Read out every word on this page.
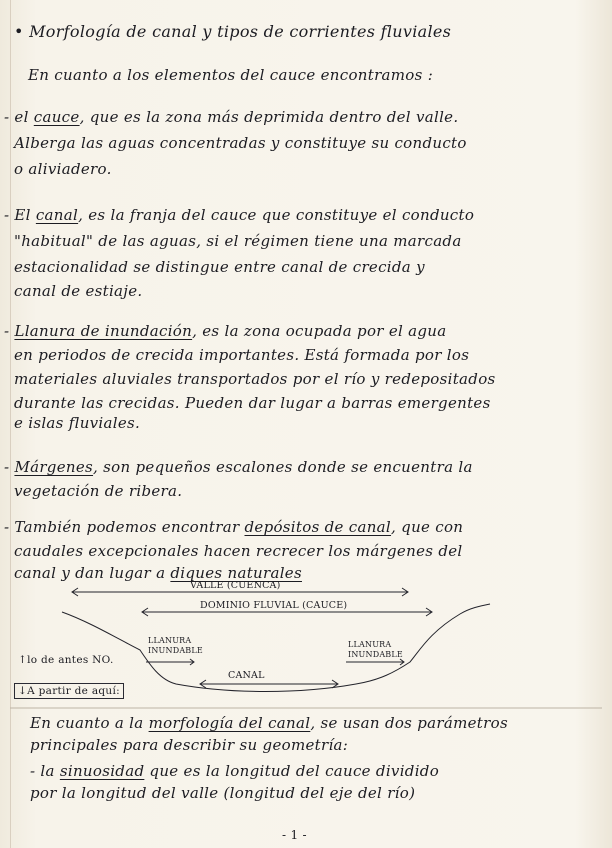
• Morfología de canal y tipos de corrientes fluviales
En cuanto a los elementos del cauce encontramos :
- el cauce, que es la zona más deprimida dentro del valle.
Alberga las aguas concentradas y constituye su conducto
o aliviadero.
- El canal, es la franja del cauce que constituye el conducto
"habitual" de las aguas, si el régimen tiene una marcada
estacionalidad se distingue entre canal de crecida y
canal de estiaje.
- Llanura de inundación, es la zona ocupada por el agua
en periodos de crecida importantes. Está formada por los
materiales aluviales transportados por el río y redepositados
durante las crecidas. Pueden dar lugar a barras emergentes
e islas fluviales.
- Márgenes, son pequeños escalones donde se encuentra la
vegetación de ribera.
- También podemos encontrar depósitos de canal, que con
caudales excepcionales hacen recrecer los márgenes del
canal y dan lugar a diques naturales
VALLE (CUENCA)
DOMINIO FLUVIAL (CAUCE)
LLANURA
INUNDABLE
LLANURA
INUNDABLE
CANAL
↑lo de antes NO.
↓A partir de aquí:
En cuanto a la morfología del canal, se usan dos parámetros
principales para describir su geometría:
- la sinuosidad que es la longitud del cauce dividido
por la longitud del valle (longitud del eje del río)
- 1 -
